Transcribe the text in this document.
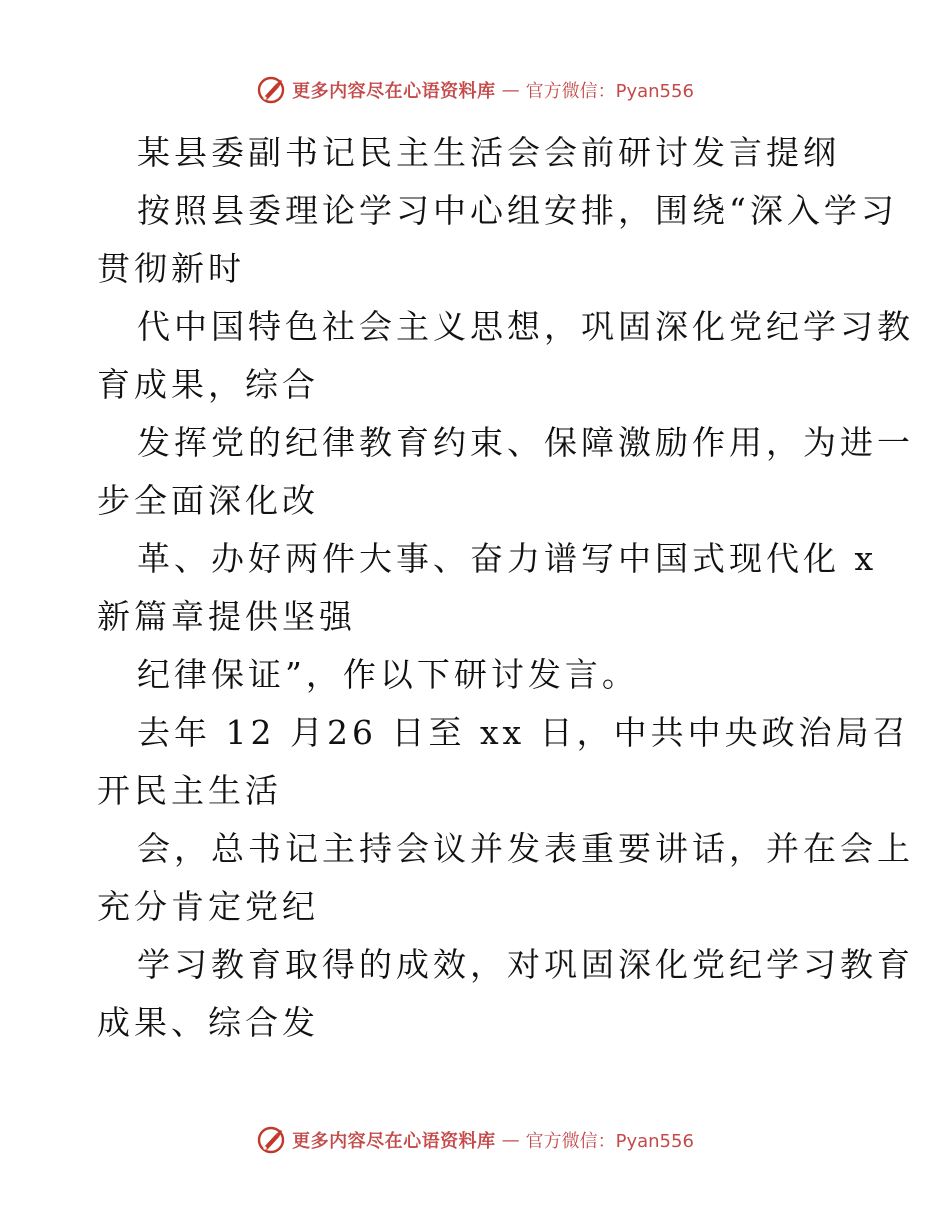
更多内容尽在心语资料库 — 官方微信：Pyan556
某县委副书记民主生活会会前研讨发言提纲
按照县委理论学习中心组安排，围绕“深入学习
贯彻新时
代中国特色社会主义思想，巩固深化党纪学习教
育成果，综合
发挥党的纪律教育约束、保障激励作用，为进一
步全面深化改
革、办好两件大事、奋力谱写中国式现代化 x
新篇章提供坚强
纪律保证”，作以下研讨发言。
去年 12 月26 日至 xx 日，中共中央政治局召
开民主生活
会，总书记主持会议并发表重要讲话，并在会上
充分肯定党纪
学习教育取得的成效，对巩固深化党纪学习教育
成果、综合发
更多内容尽在心语资料库 — 官方微信：Pyan556
